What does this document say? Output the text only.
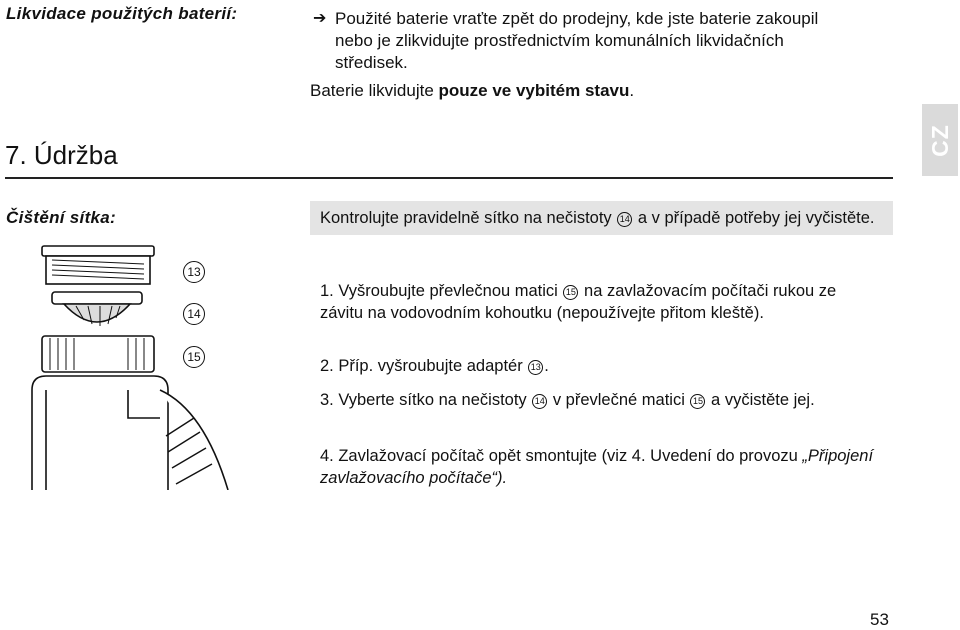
Likvidace použitých baterií:	➔ Použité baterie vraťte zpět do prodejny, kde jste baterie zakoupil nebo je zlikvidujte prostřednictvím komunálních likvidačních středisek.
Baterie likvidujte pouze ve vybitém stavu.
7. Údržba	CZ
Čištění sítka:	Kontrolujte pravidelně sítko na nečistoty 14 a v případě potřeby jej vyčistěte.
1. Vyšroubujte převlečnou matici 15 na zavlažovacím počítači rukou ze závitu na vodovodním kohoutku (nepoužívejte přitom kleště).
2. Příp. vyšroubujte adaptér 13 .
3. Vyberte sítko na nečistoty 14 v převlečné matici 15 a vyčistěte jej.
4. Zavlažovací počítač opět smontujte (viz 4. Uvedení do provozu „Připojení zavlažovacího počítače“).
13
14
15
53
